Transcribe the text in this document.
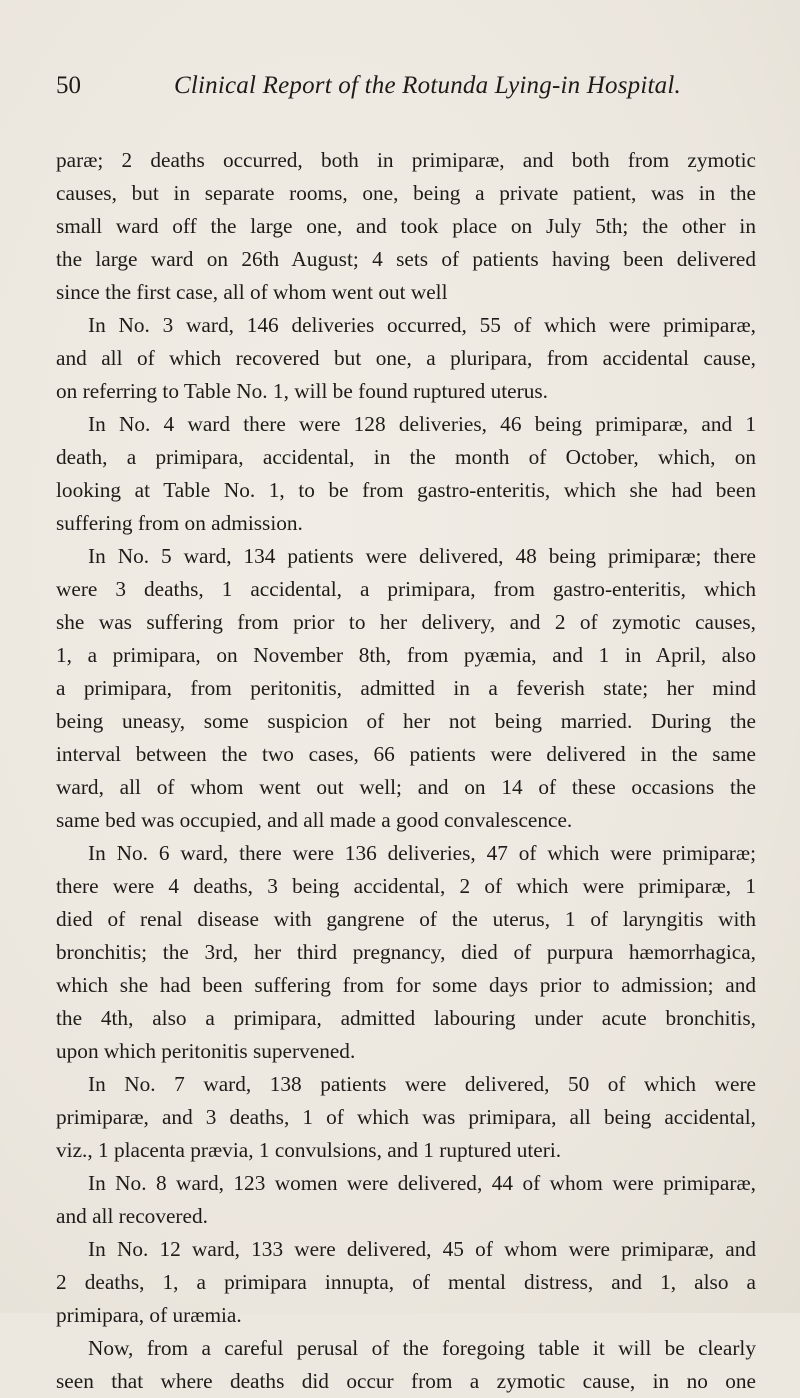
50	Clinical Report of the Rotunda Lying-in Hospital.

paræ; 2 deaths occurred, both in primiparæ, and both from zymotic

causes, but in separate rooms, one, being a private patient, was in the

small ward off the large one, and took place on July 5th; the other in

the large ward on 26th August; 4 sets of patients having been delivered

since the first case, all of whom went out well

In No. 3 ward, 146 deliveries occurred, 55 of which were primiparæ,

and all of which recovered but one, a pluripara, from accidental cause,

on referring to Table No. 1, will be found ruptured uterus.

In No. 4 ward there were 128 deliveries, 46 being primiparæ, and 1

death, a primipara, accidental, in the month of October, which, on

looking at Table No. 1, to be from gastro-enteritis, which she had been

suffering from on admission.

In No. 5 ward, 134 patients were delivered, 48 being primiparæ; there

were 3 deaths, 1 accidental, a primipara, from gastro-enteritis, which

she was suffering from prior to her delivery, and 2 of zymotic causes,

1, a primipara, on November 8th, from pyæmia, and 1 in April, also

a primipara, from peritonitis, admitted in a feverish state; her mind

being uneasy, some suspicion of her not being married. During the

interval between the two cases, 66 patients were delivered in the same

ward, all of whom went out well; and on 14 of these occasions the

same bed was occupied, and all made a good convalescence.

In No. 6 ward, there were 136 deliveries, 47 of which were primiparæ;

there were 4 deaths, 3 being accidental, 2 of which were primiparæ, 1

died of renal disease with gangrene of the uterus, 1 of laryngitis with

bronchitis; the 3rd, her third pregnancy, died of purpura hæmorrhagica,

which she had been suffering from for some days prior to admission; and

the 4th, also a primipara, admitted labouring under acute bronchitis,

upon which peritonitis supervened.

In No. 7 ward, 138 patients were delivered, 50 of which were

primiparæ, and 3 deaths, 1 of which was primipara, all being accidental,

viz., 1 placenta prævia, 1 convulsions, and 1 ruptured uteri.

In No. 8 ward, 123 women were delivered, 44 of whom were primiparæ,

and all recovered.

In No. 12 ward, 133 were delivered, 45 of whom were primiparæ, and

2 deaths, 1, a primipara innupta, of mental distress, and 1, also a

primipara, of uræmia.

Now, from a careful perusal of the foregoing table it will be clearly

seen that where deaths did occur from a zymotic cause, in no one
